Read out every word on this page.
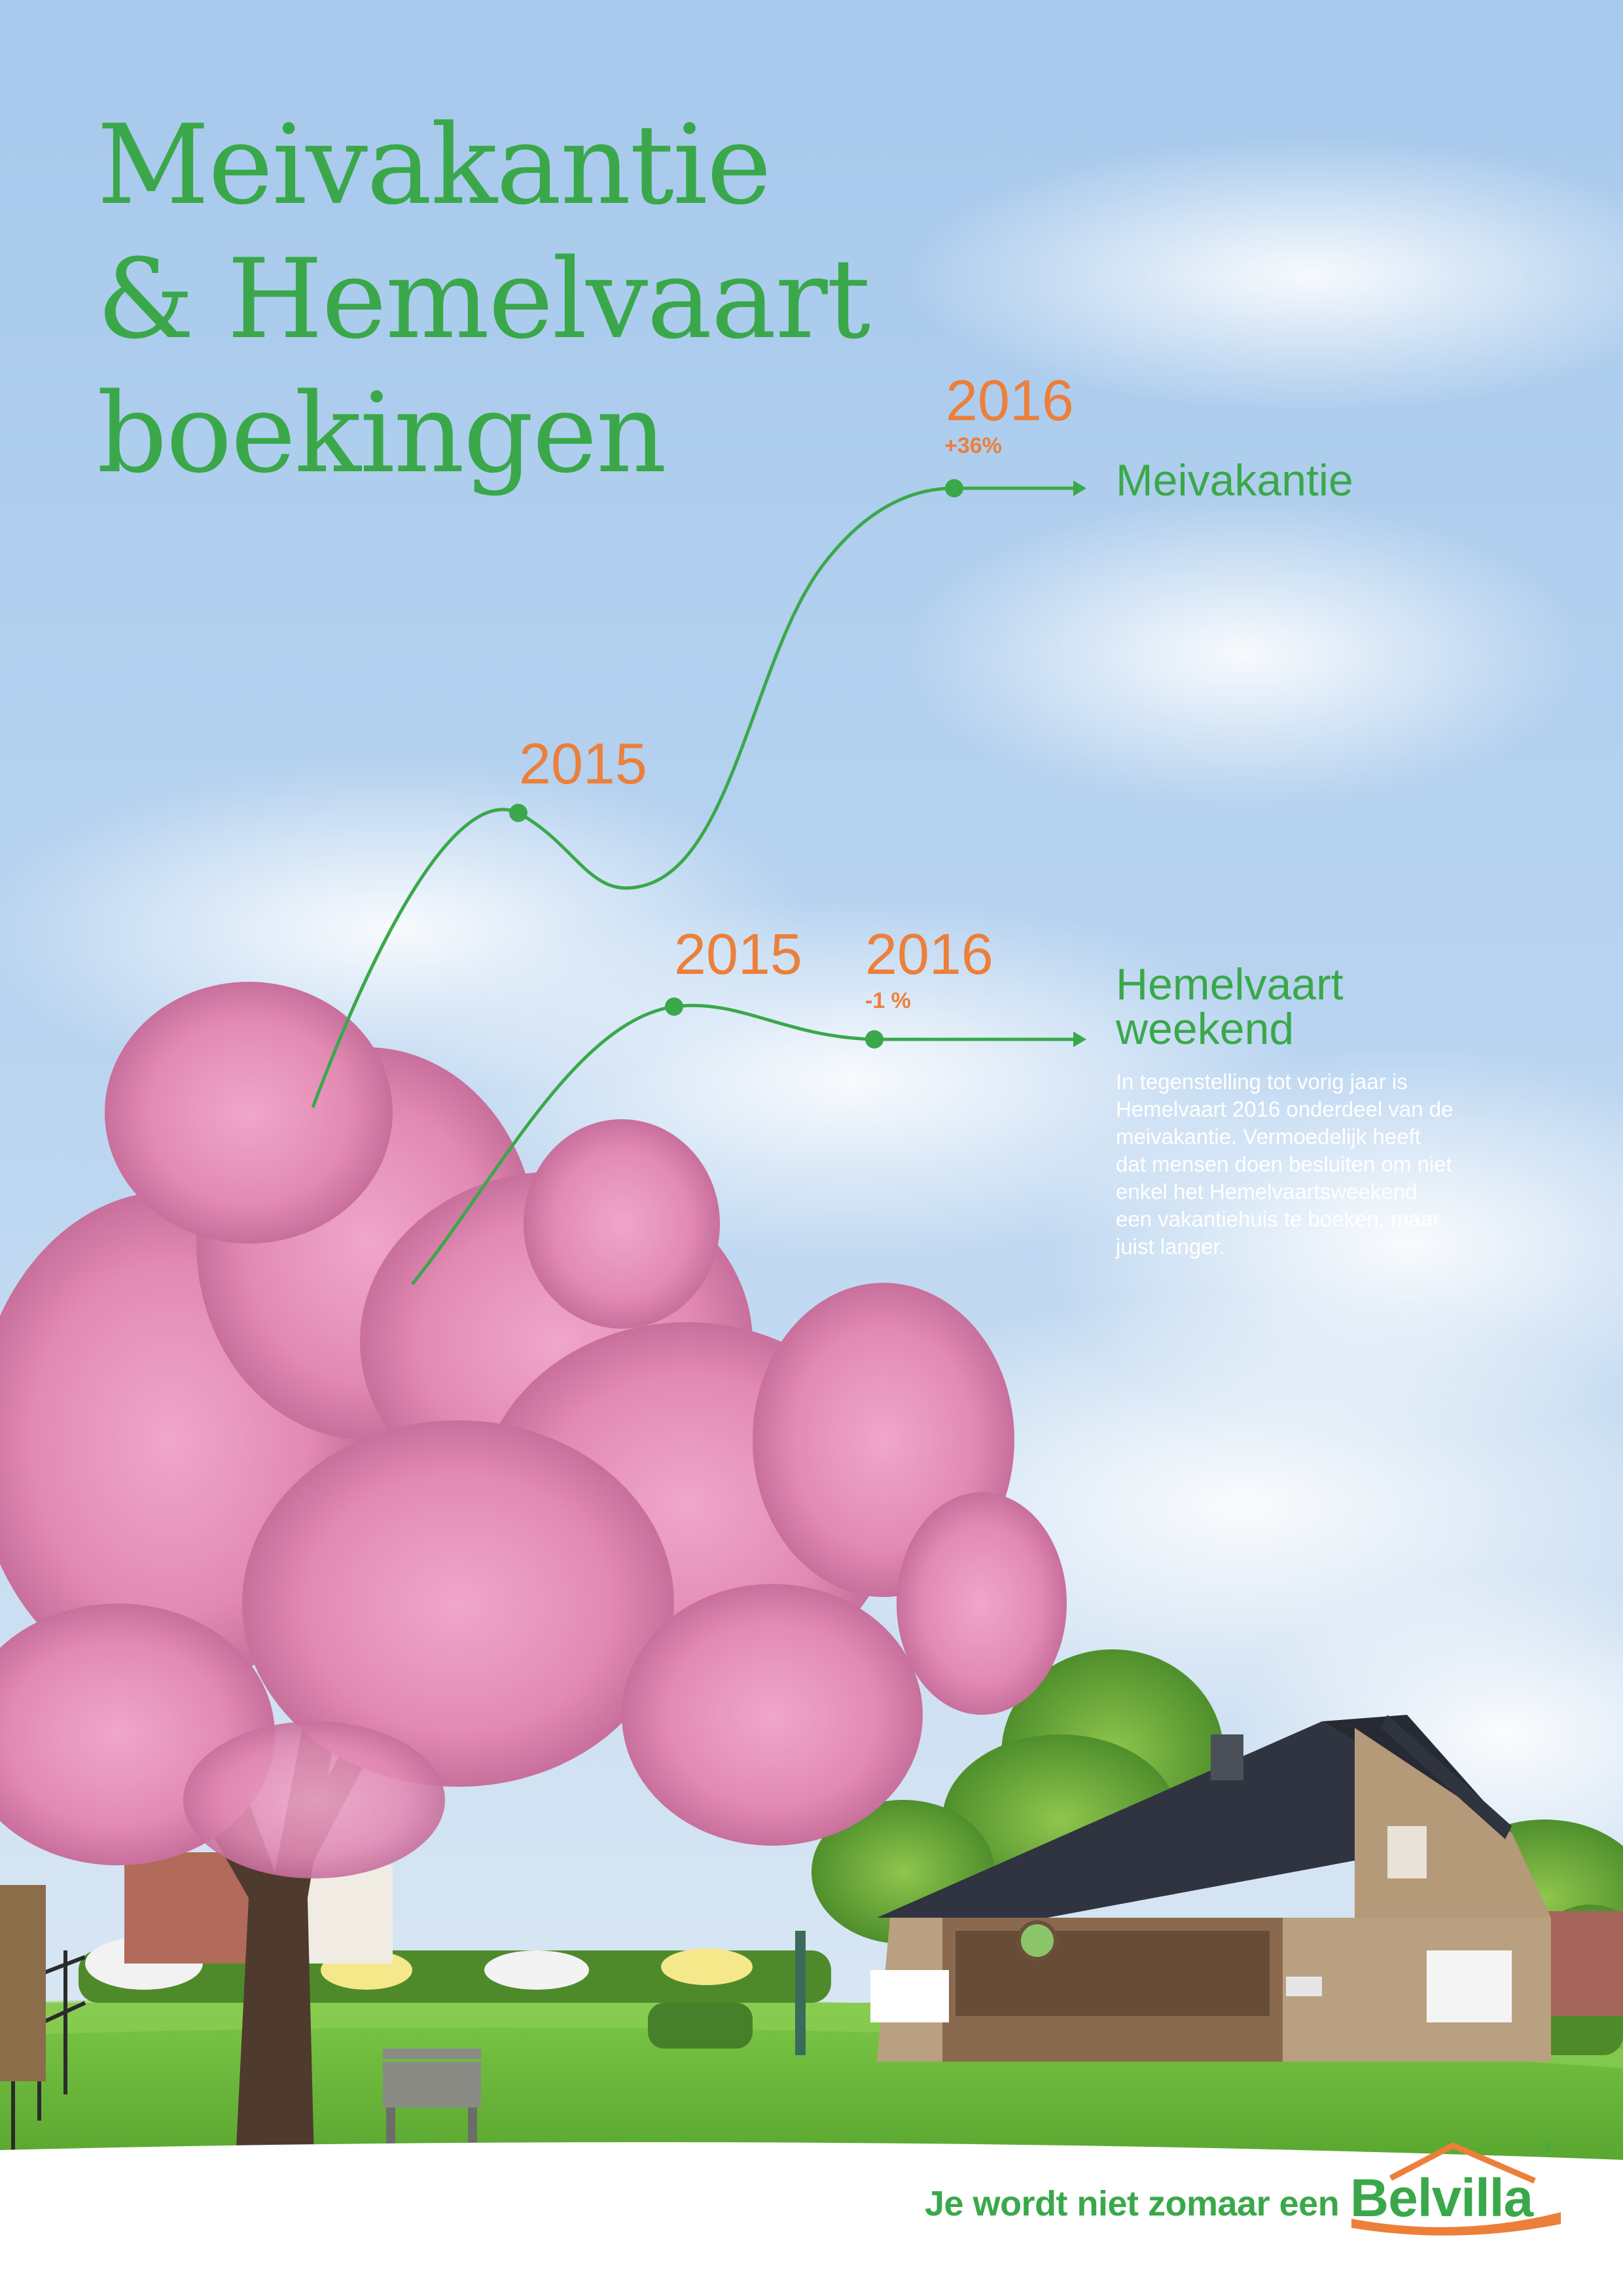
Meivakantie
& Hemelvaart
boekingen	2016
+36%
2015
Meivakantie
2015 2016
-1 %	Hemelvaart
weekend
In tegenstelling tot vorig jaar is
Hemelvaart 2016 onderdeel van de
meivakantie. Vermoedelijk heeft
dat mensen doen besluiten om niet
enkel het Hemelvaartsweekend
een vakantiehuis te boeken, maar
juist langer.
Je wordt niet zomaar een Belvilla
®
